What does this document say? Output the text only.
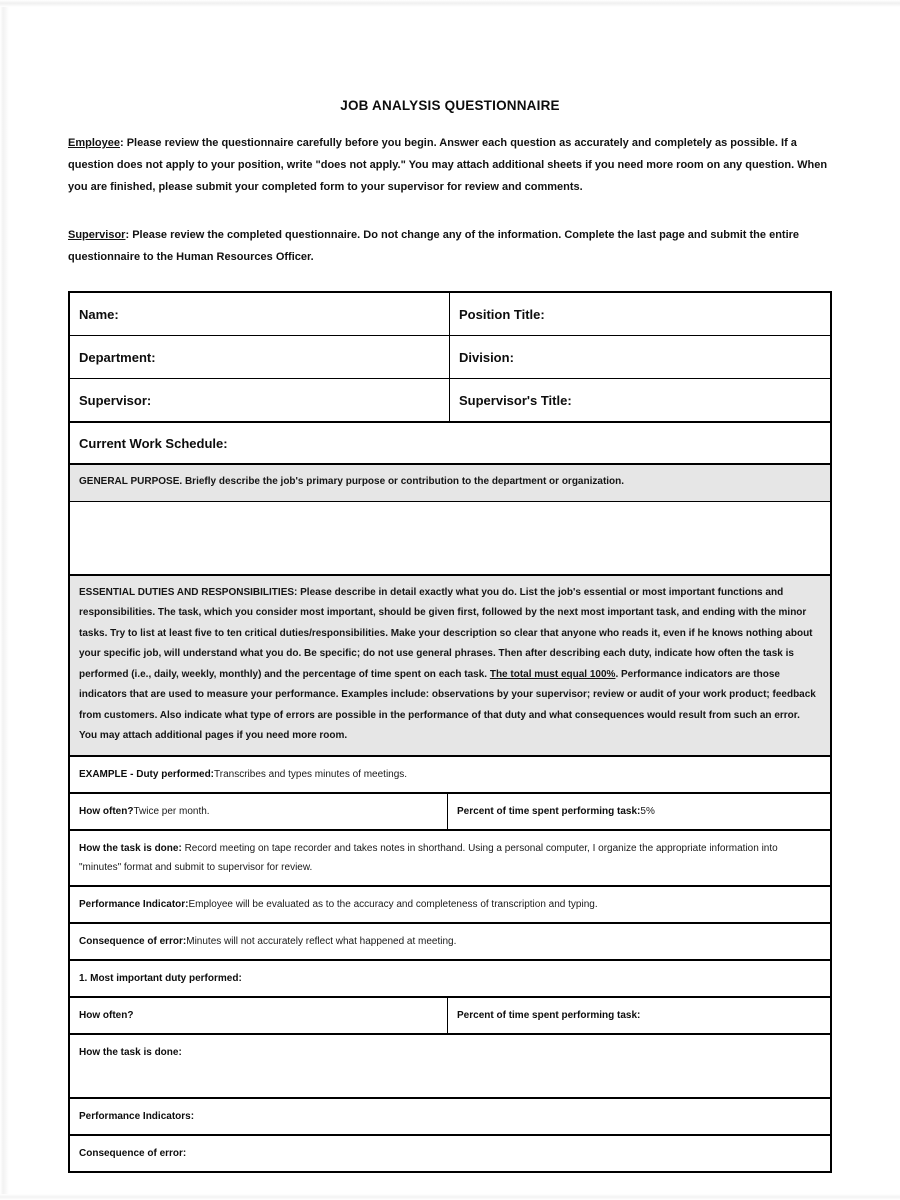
JOB ANALYSIS QUESTIONNAIRE

Employee: Please review the questionnaire carefully before you begin. Answer each question as accurately and completely as possible. If a question does not apply to your position, write "does not apply." You may attach additional sheets if you need more room on any question. When you are finished, please submit your completed form to your supervisor for review and comments.

Supervisor: Please review the completed questionnaire. Do not change any of the information. Complete the last page and submit the entire questionnaire to the Human Resources Officer.

Name:	Position Title:
Department:	Division:
Supervisor:	Supervisor's Title:
Current Work Schedule:
GENERAL PURPOSE. Briefly describe the job's primary purpose or contribution to the department or organization.
ESSENTIAL DUTIES AND RESPONSIBILITIES: Please describe in detail exactly what you do. List the job's essential or most important functions and responsibilities. The task, which you consider most important, should be given first, followed by the next most important task, and ending with the minor tasks. Try to list at least five to ten critical duties/responsibilities. Make your description so clear that anyone who reads it, even if he knows nothing about your specific job, will understand what you do. Be specific; do not use general phrases. Then after describing each duty, indicate how often the task is performed (i.e., daily, weekly, monthly) and the percentage of time spent on each task. The total must equal 100%. Performance indicators are those indicators that are used to measure your performance. Examples include: observations by your supervisor; review or audit of your work product; feedback from customers. Also indicate what type of errors are possible in the performance of that duty and what consequences would result from such an error. You may attach additional pages if you need more room.
EXAMPLE - Duty performed: Transcribes and types minutes of meetings.
How often? Twice per month.	Percent of time spent performing task: 5%
How the task is done: Record meeting on tape recorder and takes notes in shorthand. Using a personal computer, I organize the appropriate information into "minutes" format and submit to supervisor for review.
Performance Indicator: Employee will be evaluated as to the accuracy and completeness of transcription and typing.
Consequence of error: Minutes will not accurately reflect what happened at meeting.
1. Most important duty performed:
How often?	Percent of time spent performing task:
How the task is done:
Performance Indicators:
Consequence of error:
